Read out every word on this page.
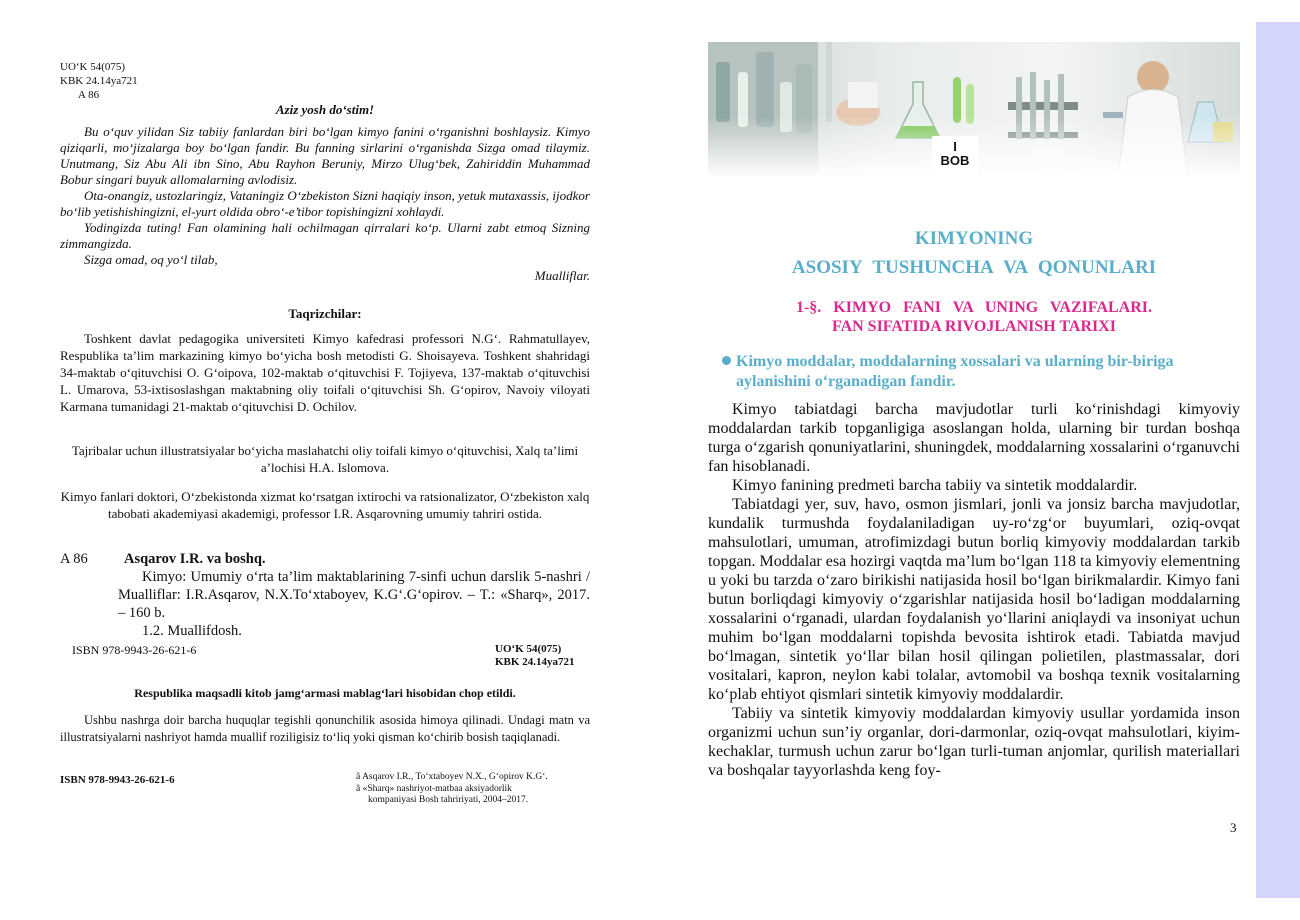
UO‘K 54(075)
KBK 24.14ya721
A 86
Aziz yosh do‘stim!

Bu o‘quv yilidan Siz tabiiy fanlardan biri bo‘lgan kimyo fanini o‘rganishni boshlaysiz. Kimyo qiziqarli, mo‘jizalarga boy bo‘lgan fandir. Bu fanning sirlarini o‘rganishda Sizga omad tilaymiz. Unutmang, Siz Abu Ali ibn Sino, Abu Rayhon Beruniy, Mirzo Ulug‘bek, Zahiriddin Muhammad Bobur singari buyuk allomalarning avlodisiz.

Ota-onangiz, ustozlaringiz, Vataningiz O‘zbekiston Sizni haqiqiy inson, yetuk mutaxassis, ijodkor bo‘lib yetishishingizni, el-yurt oldida obro‘-e’tibor topishingizni xohlaydi.

Yodingizda tuting! Fan olamining hali ochilmagan qirralari ko‘p. Ularni zabt etmoq Sizning zimmangizda.

Sizga omad, oq yo‘l tilab,

Mualliflar.

Taqrizchilar:
Toshkent davlat pedagogika universiteti Kimyo kafedrasi professori N.G‘. Rahmatullayev, Respublika ta’lim markazining kimyo bo‘yicha bosh metodisti G. Shoisayeva. Toshkent shahridagi 34-maktab o‘qituvchisi O. G‘oipova, 102-maktab o‘qituvchisi F. Tojiyeva, 137-maktab o‘qituvchisi L. Umarova, 53-ixtisoslashgan maktabning oliy toifali o‘qituvchisi Sh. G‘opirov, Navoiy viloyati Karmana tumanidagi 21-maktab o‘qituvchisi D. Ochilov.
Tajribalar uchun illustratsiyalar bo‘yicha maslahatchi oliy toifali kimyo o‘qituvchisi, Xalq ta’limi a’lochisi H.A. Islomova.
Kimyo fanlari doktori, O‘zbekistonda xizmat ko‘rsatgan ixtirochi va ratsionalizator, O‘zbekiston xalq tabobati akademiyasi akademigi, professor I.R. Asqarovning umumiy tahriri ostida.
A 86 Asqarov I.R. va boshq.
Kimyo: Umumiy o‘rta ta’lim maktablarining 7-sinfi uchun darslik 5-nashri / Mualliflar: I.R.Asqarov, N.X.To‘xtaboyev, K.G‘.G‘opirov. – T.: «Sharq», 2017. – 160 b.
1.2. Muallifdosh.
ISBN 978-9943-26-621-6	UO‘K 54(075)
KBK 24.14ya721
Respublika maqsadli kitob jamg‘armasi mablag‘lari hisobidan chop etildi.
Ushbu nashrga doir barcha huquqlar tegishli qonunchilik asosida himoya qilinadi. Undagi matn va illustratsiyalarni nashriyot hamda muallif roziligisiz to‘liq yoki qisman ko‘chirib bosish taqiqlanadi.
ISBN 978-9943-26-621-6	ã Asqarov I.R., To‘xtaboyev N.X., G‘opirov K.G‘.
ã «Sharq» nashriyot-matbaa aksiyadorlik
kompaniyasi Bosh tahririyati, 2004–2017.
I
BOB
KIMYONING
ASOSIY TUSHUNCHA VA QONUNLARI
1-§. KIMYO FANI VA UNING VAZIFALARI.
FAN SIFATIDA RIVOJLANISH TARIXI
Kimyo moddalar, moddalarning xossalari va ularning bir-biriga aylanishini o‘rganadigan fandir.

Kimyo tabiatdagi barcha mavjudotlar turli ko‘rinishdagi kimyoviy moddalardan tarkib topganligiga asoslangan holda, ularning bir turdan boshqa turga o‘zgarish qonuniyatlarini, shuningdek, moddalarning xossalarini o‘rganuvchi fan hisoblanadi.

Kimyo fanining predmeti barcha tabiiy va sintetik moddalardir.

Tabiatdagi yer, suv, havo, osmon jismlari, jonli va jonsiz barcha mavjudotlar, kundalik turmushda foydalaniladigan uy-ro‘zg‘or buyumlari, oziq-ovqat mahsulotlari, umuman, atrofimizdagi butun borliq kimyoviy moddalardan tarkib topgan. Moddalar esa hozirgi vaqtda ma’lum bo‘lgan 118 ta kimyoviy elementning u yoki bu tarzda o‘zaro birikishi natijasida hosil bo‘lgan birikmalardir. Kimyo fani butun borliqdagi kimyoviy o‘zgarishlar natijasida hosil bo‘ladigan moddalarning xossalarini o‘rganadi, ulardan foydalanish yo‘llarini aniqlaydi va insoniyat uchun muhim bo‘lgan moddalarni topishda bevosita ishtirok etadi. Tabiatda mavjud bo‘lmagan, sintetik yo‘llar bilan hosil qilingan polietilen, plastmassalar, dori vositalari, kapron, neylon kabi tolalar, avtomobil va boshqa texnik vositalarning ko‘plab ehtiyot qismlari sintetik kimyoviy moddalardir.

Tabiiy va sintetik kimyoviy moddalardan kimyoviy usullar yordamida inson organizmi uchun sun’iy organlar, dori-darmonlar, oziq-ovqat mahsulotlari, kiyim-kechaklar, turmush uchun zarur bo‘lgan turli-tuman anjomlar, qurilish materiallari va boshqalar tayyorlashda keng foy-

3
